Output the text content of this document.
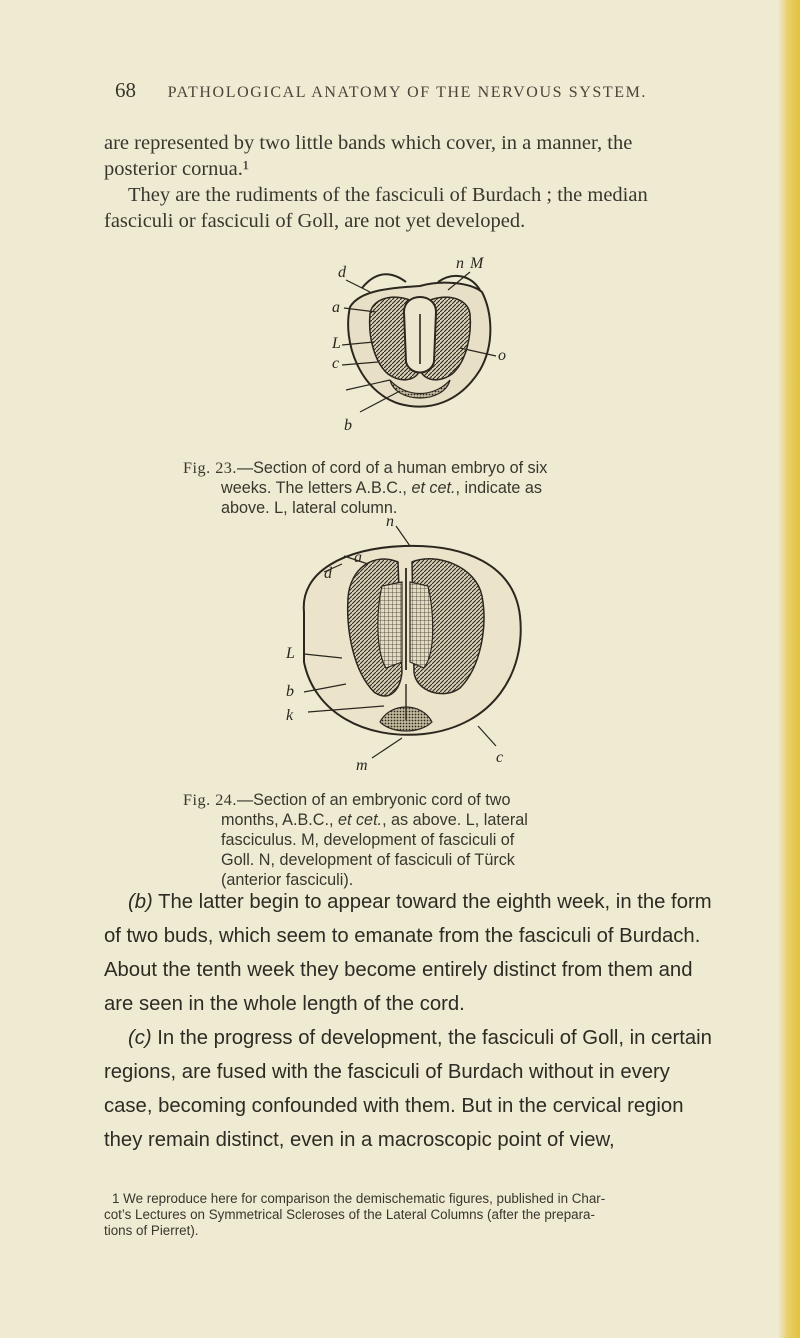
68 PATHOLOGICAL ANATOMY OF THE NERVOUS SYSTEM.

are represented by two little bands which cover, in a manner, the

posterior cornua.¹

They are the rudiments of the fasciculi of Burdach ; the median

fasciculi or fasciculi of Goll, are not yet developed.

d
n M
a
L
c
b
o
Fig. 23.—Section of cord of a human embryo of six
weeks. The letters A.B.C., et cet., indicate as
above. L, lateral column.
n
a
d
L
b
k
m	c
Fig. 24.—Section of an embryonic cord of two
months, A.B.C., et cet., as above. L, lateral
fasciculus. M, development of fasciculi of
Goll. N, development of fasciculi of Türck
(anterior fasciculi).

(b) The latter begin to appear toward the eighth week, in the form of two buds, which seem to emanate from the fasciculi of Burdach. About the tenth week they become entirely distinct from them and are seen in the whole length of the cord.

(c) In the progress of development, the fasciculi of Goll, in certain regions, are fused with the fasciculi of Burdach without in every case, becoming confounded with them. But in the cervical region they remain distinct, even in a macroscopic point of view,

1 We reproduce here for comparison the demischematic figures, published in Char-
cot’s Lectures on Symmetrical Scleroses of the Lateral Columns (after the prepara-
tions of Pierret).
